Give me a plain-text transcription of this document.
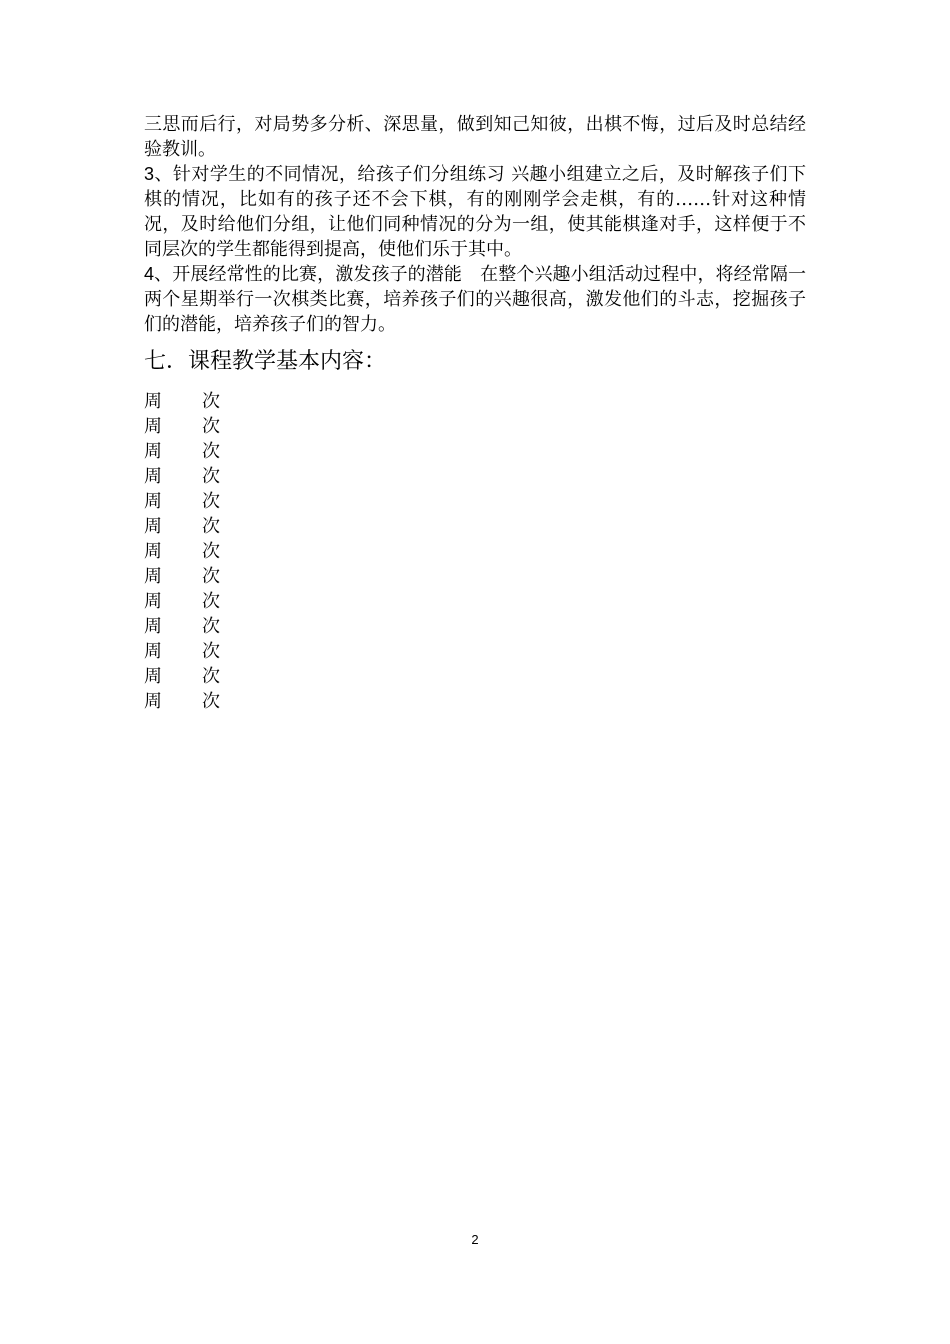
三思而后行，对局势多分析、深思量，做到知己知彼，出棋不悔，过后及时总结经验教训。

3、针对学生的不同情况，给孩子们分组练习 兴趣小组建立之后，及时解孩子们下棋的情况，比如有的孩子还不会下棋，有的刚刚学会走棋，有的……针对这种情况，及时给他们分组，让他们同种情况的分为一组，使其能棋逢对手，这样便于不同层次的学生都能得到提高，使他们乐于其中。

4、开展经常性的比赛，激发孩子的潜能　在整个兴趣小组活动过程中，将经常隔一两个星期举行一次棋类比赛，培养孩子们的兴趣很高，激发他们的斗志，挖掘孩子们的潜能，培养孩子们的智力。

七．课程教学基本内容：
周	次
周	次
周	次
周	次
周	次
周	次
周	次
周	次
周	次
周	次
周	次
周	次
周	次
2
